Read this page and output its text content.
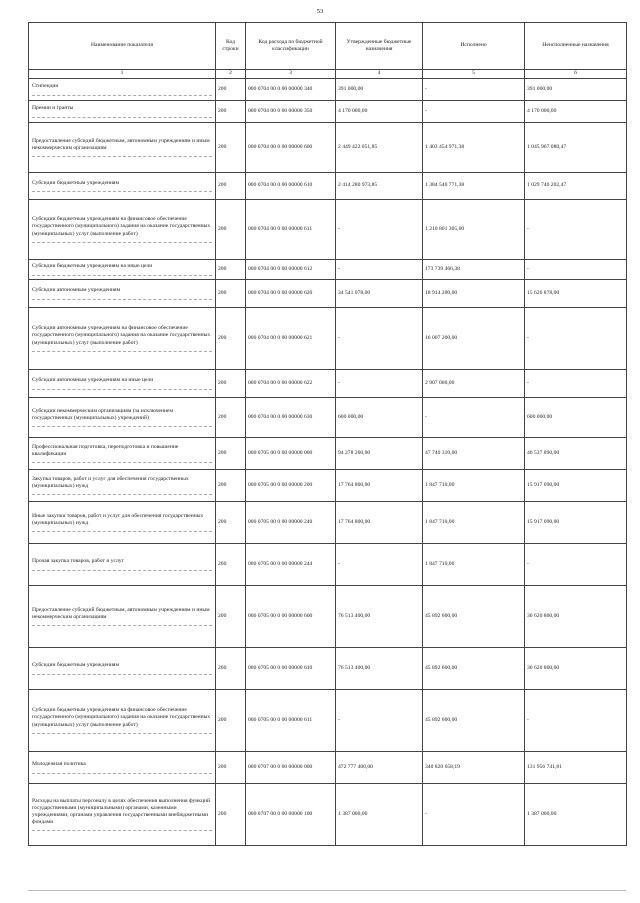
53
Наименование показателя	Код строки	Код расхода по бюджетной классификации	Утвержденные бюджетные назначения	Исполнено	Неисполненные назначения
1	2	3	4	5	6

Стипендии	200	000 0704 00 0 00 00000 340	391 000,00	-	391 000,00

Премии и гранты	200	000 0704 00 0 00 00000 350	4 170 000,00	-	4 170 000,00

Предоставление субсидий бюджетным, автономным учреждениям и иным некоммерческим организациям	200	000 0704 00 0 00 00000 600	2 449 422 051,85	1 403 454 971,38	1 045 967 080,47

Субсидии бюджетным учреждениям	200	000 0704 00 0 00 00000 610	2 414 280 973,85	1 384 540 771,38	1 029 740 202,47

Субсидии бюджетным учреждениям на финансовое обеспечение государственного (муниципального) задания на оказание государственных (муниципальных) услуг (выполнение работ)	200	000 0704 00 0 00 00000 611	-	1 210 801 305,00	-

Субсидии бюджетным учреждениям на иные цели	200	000 0704 00 0 00 00000 612	-	173 739 466,38	-

Субсидии автономным учреждениям	200	000 0704 00 0 00 00000 620	34 541 078,00	18 914 200,00	15 626 878,00

Субсидии автономным учреждениям на финансовое обеспечение государственного (муниципального) задания на оказание государственных (муниципальных) услуг (выполнение работ)	200	000 0704 00 0 00 00000 621	-	16 007 200,00	-

Субсидии автономным учреждениям на иные цели	200	000 0704 00 0 00 00000 622	-	2 907 000,00	-

Субсидии некоммерческим организациям (за исключением государственных (муниципальных) учреждений)	200	000 0704 00 0 00 00000 630	600 000,00	-	600 000,00

Профессиональная подготовка, переподготовка и повышение квалификации	200	000 0705 00 0 00 00000 000	94 278 200,00	47 740 310,00	46 537 890,00

Закупка товаров, работ и услуг для обеспечения государственных (муниципальных) нужд	200	000 0705 00 0 00 00000 200	17 764 800,00	1 847 710,00	15 917 090,00

Иные закупки товаров, работ и услуг для обеспечения государственных (муниципальных) нужд	200	000 0705 00 0 00 00000 240	17 764 800,00	1 847 710,00	15 917 090,00

Прочая закупка товаров, работ и услуг	200	000 0705 00 0 00 00000 244	-	1 847 710,00	-

Предоставление субсидий бюджетным, автономным учреждениям и иным некоммерческим организациям	200	000 0705 00 0 00 00000 600	76 513 400,00	45 892 600,00	30 620 800,00

Субсидии бюджетным учреждениям	200	000 0705 00 0 00 00000 610	76 513 400,00	45 892 600,00	30 620 800,00

Субсидии бюджетным учреждениям на финансовое обеспечение государственного (муниципального) задания на оказание государственных (муниципальных) услуг (выполнение работ)	200	000 0705 00 0 00 00000 611	-	45 892 600,00	-

Молодежная политика	200	000 0707 00 0 00 00000 000	472 777 400,00	340 820 658,19	131 956 741,81

Расходы на выплаты персоналу в целях обеспечения выполнения функций государственными (муниципальными) органами, казенными учреждениями, органами управления государственными внебюджетными фондами	200	000 0707 00 0 00 00000 100	1 387 000,00	-	1 387 000,00
